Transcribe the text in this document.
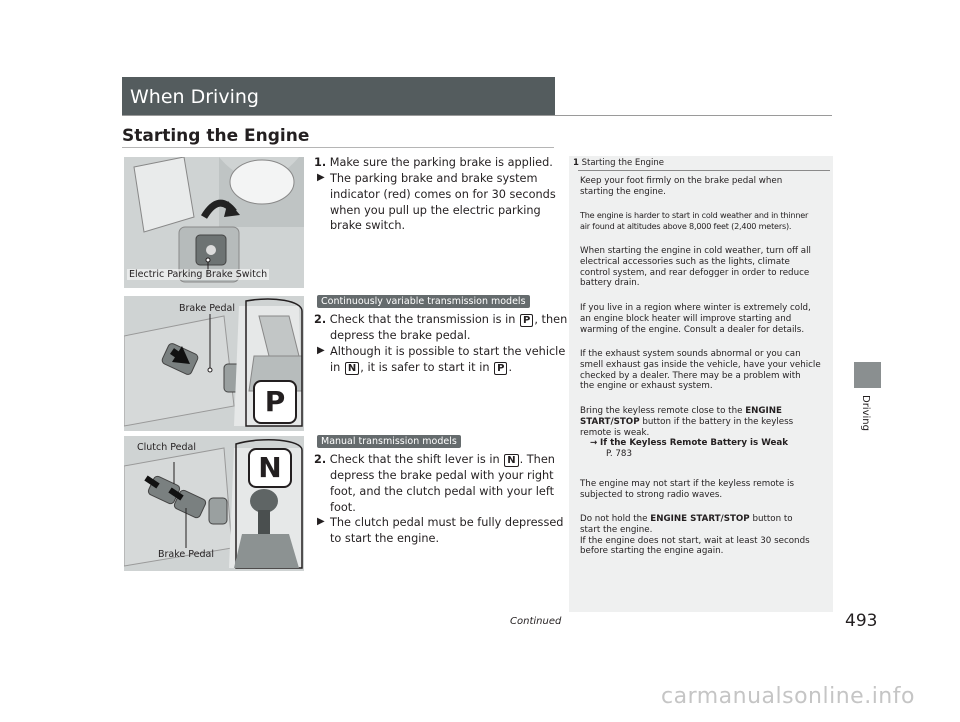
When Driving
Starting the Engine
Driving
Electric Parking Brake Switch
P
Brake Pedal
N
Clutch Pedal
Brake Pedal
1. Make sure the parking brake is applied.
▶ The parking brake and brake system
indicator (red) comes on for 30 seconds
when you pull up the electric parking
brake switch.
Continuously variable transmission models
2. Check that the transmission is in P , then
depress the brake pedal.
▶ Although it is possible to start the vehicle
in N , it is safer to start it in P .
Manual transmission models
2. Check that the shift lever is in N . Then
depress the brake pedal with your right
foot, and the clutch pedal with your left
foot.
▶ The clutch pedal must be fully depressed
to start the engine.
1 Starting the Engine
Keep your foot firmly on the brake pedal when
starting the engine.
The engine is harder to start in cold weather and in thinner
air found at altitudes above 8,000 feet (2,400 meters).
When starting the engine in cold weather, turn off all
electrical accessories such as the lights, climate
control system, and rear defogger in order to reduce
battery drain.
If you live in a region where winter is extremely cold,
an engine block heater will improve starting and
warming of the engine. Consult a dealer for details.
If the exhaust system sounds abnormal or you can
smell exhaust gas inside the vehicle, have your vehicle
checked by a dealer. There may be a problem with
the engine or exhaust system.
Bring the keyless remote close to the ENGINE
START/STOP button if the battery in the keyless
remote is weak.
→ If the Keyless Remote Battery is Weak
P. 783
The engine may not start if the keyless remote is
subjected to strong radio waves.
Do not hold the ENGINE START/STOP button to
start the engine.
If the engine does not start, wait at least 30 seconds
before starting the engine again.
Continued	493
carmanualsonline.info
